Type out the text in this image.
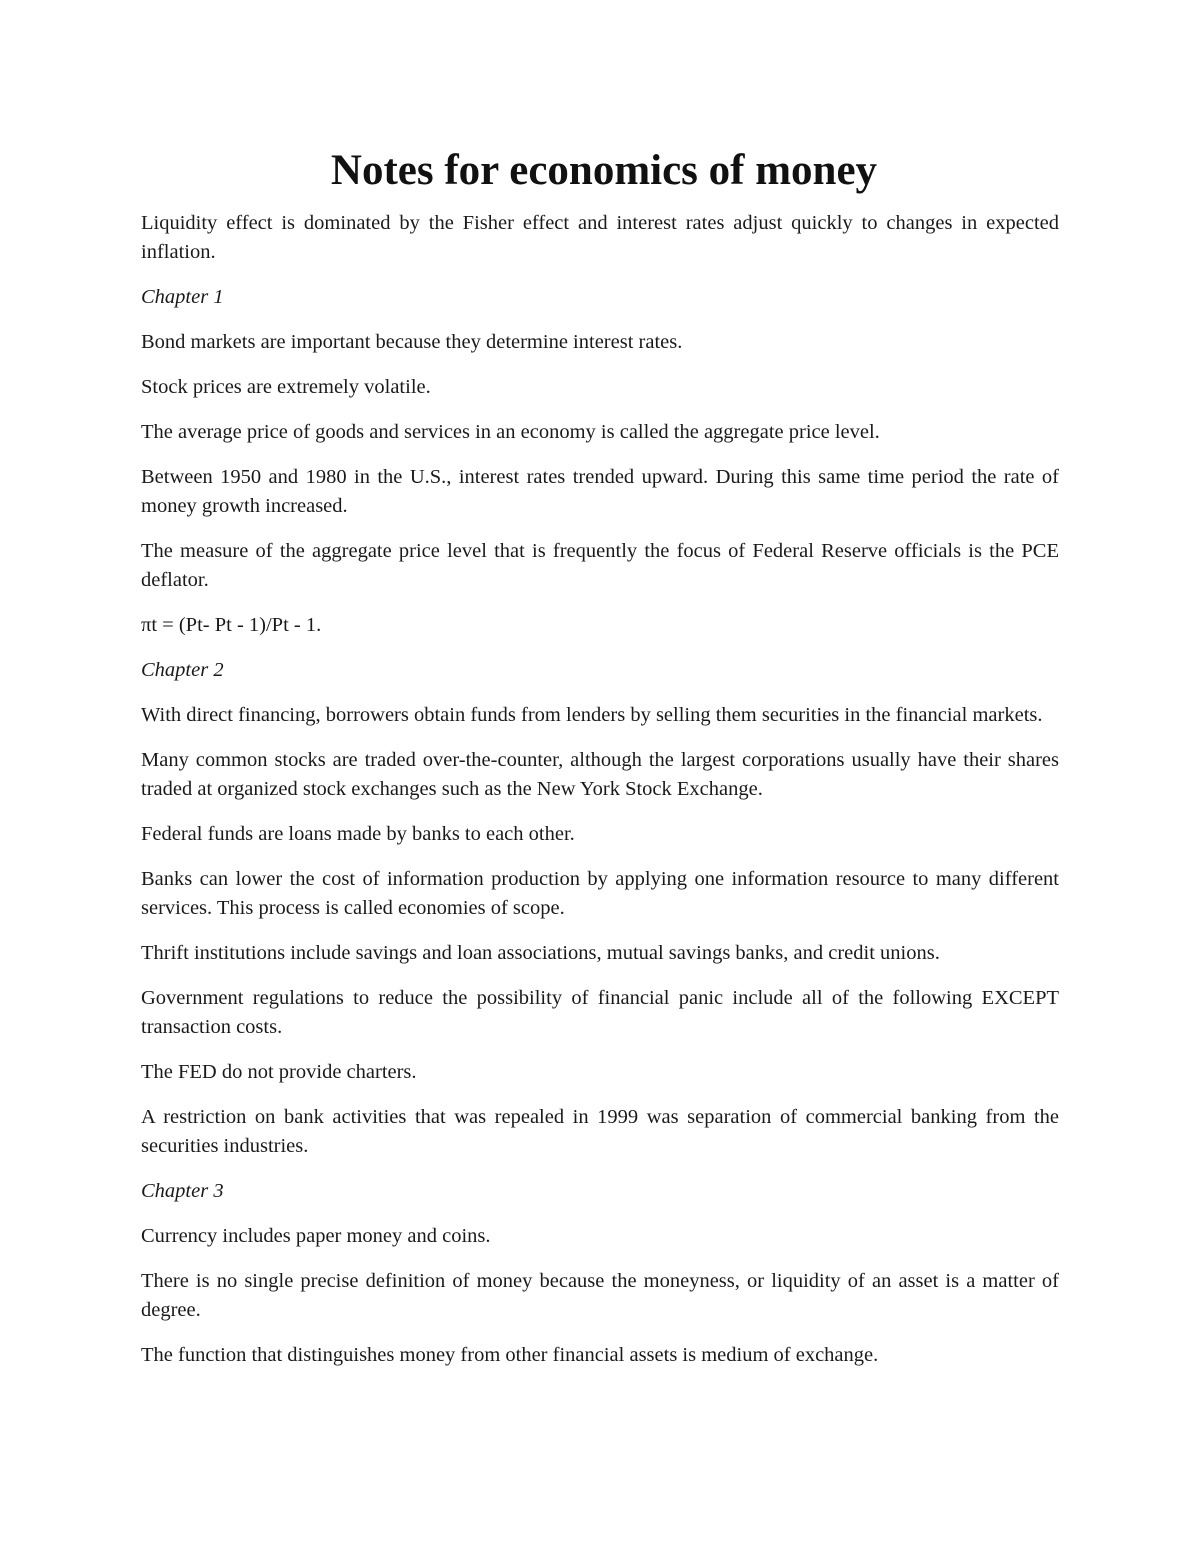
Notes for economics of money

Liquidity effect is dominated by the Fisher effect and interest rates adjust quickly to changes in expected inflation.

Chapter 1

Bond markets are important because they determine interest rates.

Stock prices are extremely volatile.

The average price of goods and services in an economy is called the aggregate price level.

Between 1950 and 1980 in the U.S., interest rates trended upward. During this same time period the rate of money growth increased.

The measure of the aggregate price level that is frequently the focus of Federal Reserve officials is the PCE deflator.

πt = (Pt- Pt - 1)/Pt - 1.

Chapter 2

With direct financing, borrowers obtain funds from lenders by selling them securities in the financial markets.

Many common stocks are traded over-the-counter, although the largest corporations usually have their shares traded at organized stock exchanges such as the New York Stock Exchange.

Federal funds are loans made by banks to each other.

Banks can lower the cost of information production by applying one information resource to many different services. This process is called economies of scope.

Thrift institutions include savings and loan associations, mutual savings banks, and credit unions.

Government regulations to reduce the possibility of financial panic include all of the following EXCEPT transaction costs.

The FED do not provide charters.

A restriction on bank activities that was repealed in 1999 was separation of commercial banking from the securities industries.

Chapter 3

Currency includes paper money and coins.

There is no single precise definition of money because the moneyness, or liquidity of an asset is a matter of degree.

The function that distinguishes money from other financial assets is medium of exchange.
